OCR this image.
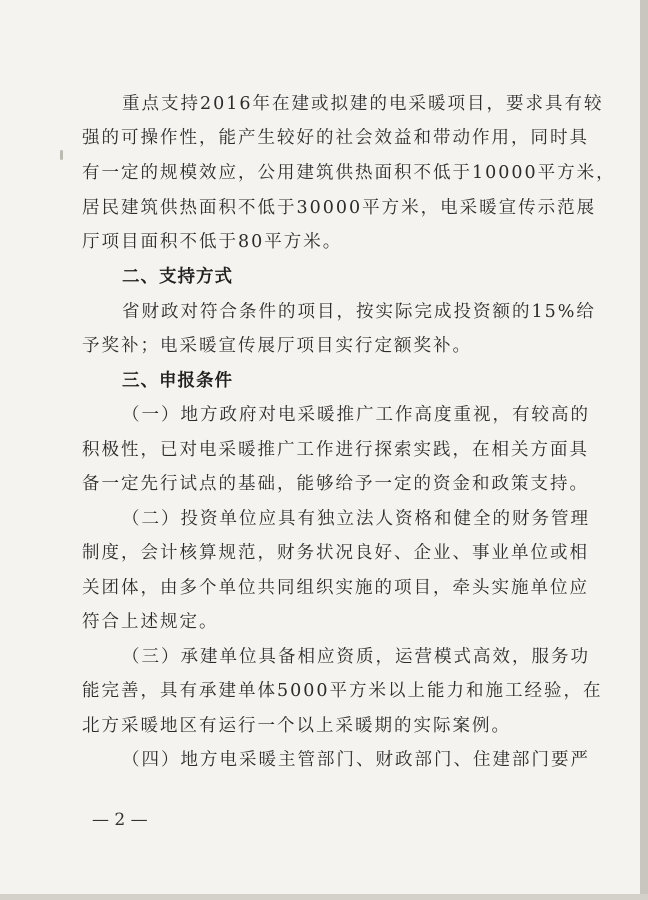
重点支持2016年在建或拟建的电采暖项目，要求具有较
强的可操作性，能产生较好的社会效益和带动作用，同时具
有一定的规模效应，公用建筑供热面积不低于10000平方米，
居民建筑供热面积不低于30000平方米，电采暖宣传示范展
厅项目面积不低于80平方米。
二、支持方式
省财政对符合条件的项目，按实际完成投资额的15%给
予奖补；电采暖宣传展厅项目实行定额奖补。
三、申报条件
（一）地方政府对电采暖推广工作高度重视，有较高的
积极性，已对电采暖推广工作进行探索实践，在相关方面具
备一定先行试点的基础，能够给予一定的资金和政策支持。
（二）投资单位应具有独立法人资格和健全的财务管理
制度，会计核算规范，财务状况良好、企业、事业单位或相
关团体，由多个单位共同组织实施的项目，牵头实施单位应
符合上述规定。
（三）承建单位具备相应资质，运营模式高效，服务功
能完善，具有承建单体5000平方米以上能力和施工经验，在
北方采暖地区有运行一个以上采暖期的实际案例。
（四）地方电采暖主管部门、财政部门、住建部门要严
— 2 —
